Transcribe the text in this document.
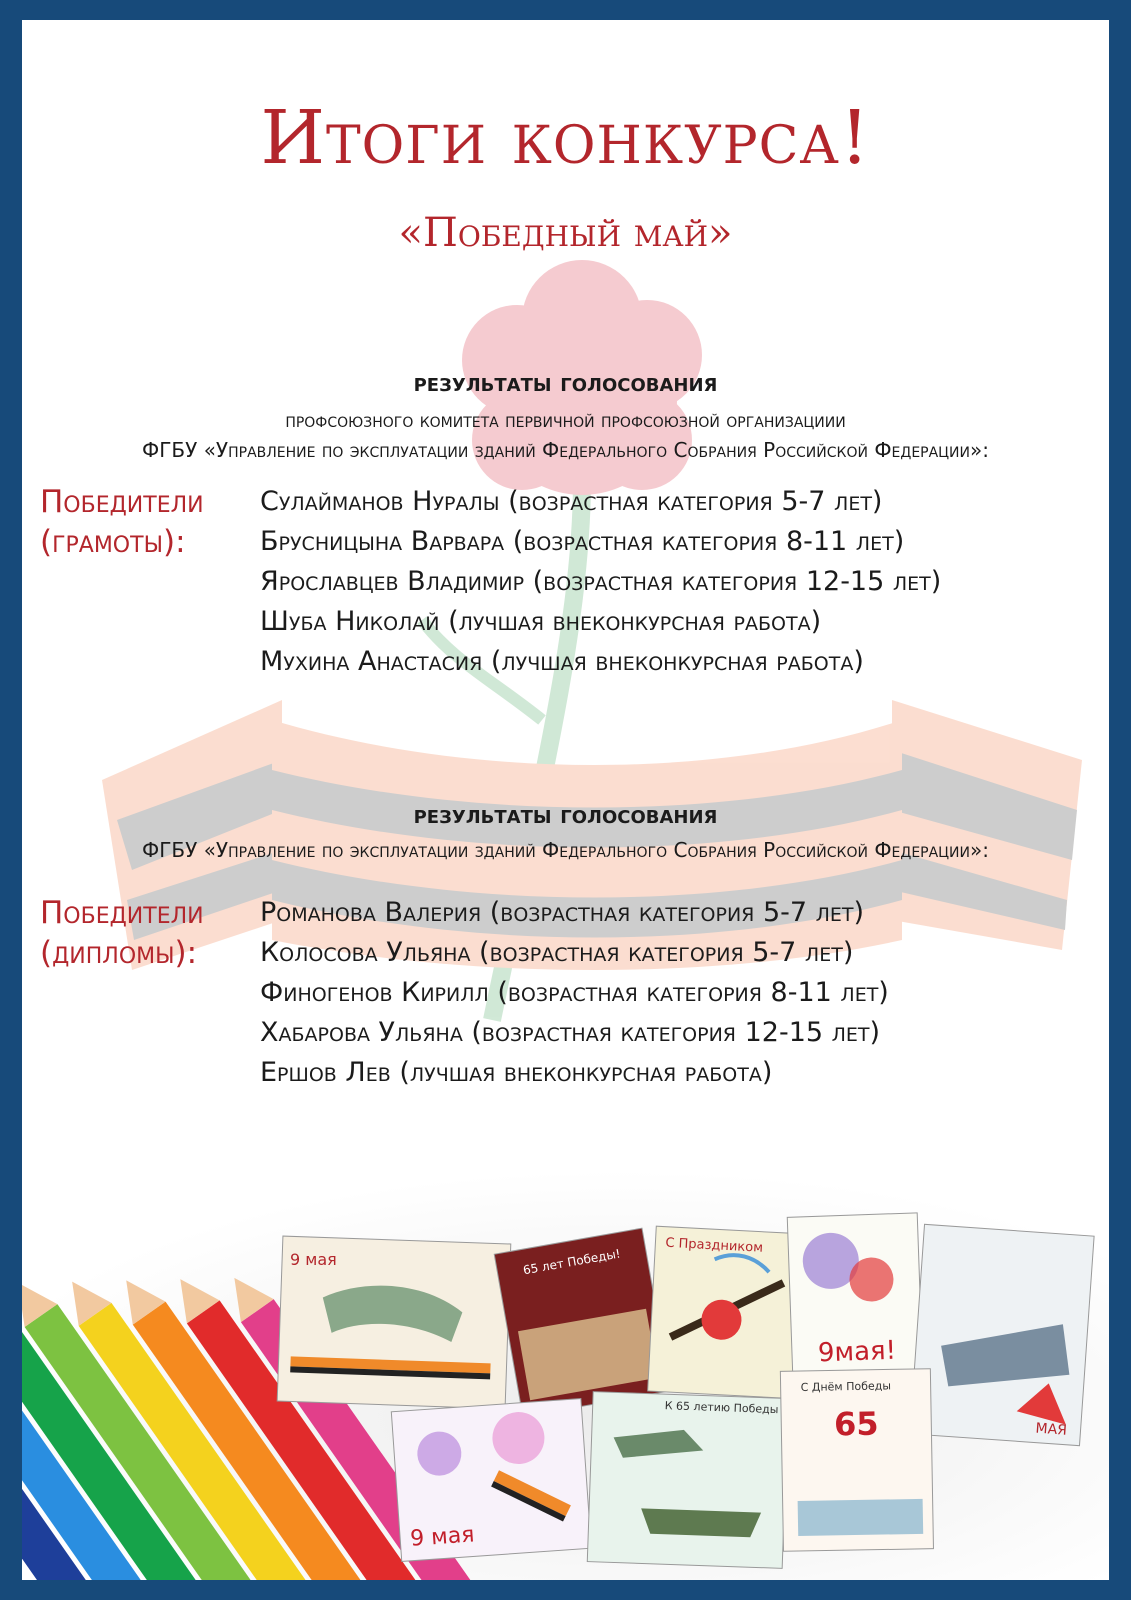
Итоги конкурса!
«Победный май»
результаты голосования
профсоюзного комитета первичной профсоюзной организациии
ФГБУ «Управление по эксплуатации зданий Федерального Собрания Российской Федерации»:
Победители
(грамоты):
Сулайманов Нуралы (возрастная категория 5-7 лет)
Брусницына Варвара (возрастная категория 8-11 лет)
Ярославцев Владимир (возрастная категория 12-15 лет)
Шуба Николай (лучшая внеконкурсная работа)
Мухина Анастасия (лучшая внеконкурсная работа)
результаты голосования
ФГБУ «Управление по эксплуатации зданий Федерального Собрания Российской Федерации»:
Победители
(дипломы):
Романова Валерия (возрастная категория 5-7 лет)
Колосова Ульяна (возрастная категория 5-7 лет)
Финогенов Кирилл (возрастная категория 8-11 лет)
Хабарова Ульяна (возрастная категория 12-15 лет)
Ершов Лев (лучшая внеконкурсная работа)
9 мая	65 лет Победы!
С Праздником
9мая!
МАЯ
9 мая
К 65 летию Победы 65
С Днём Победы
